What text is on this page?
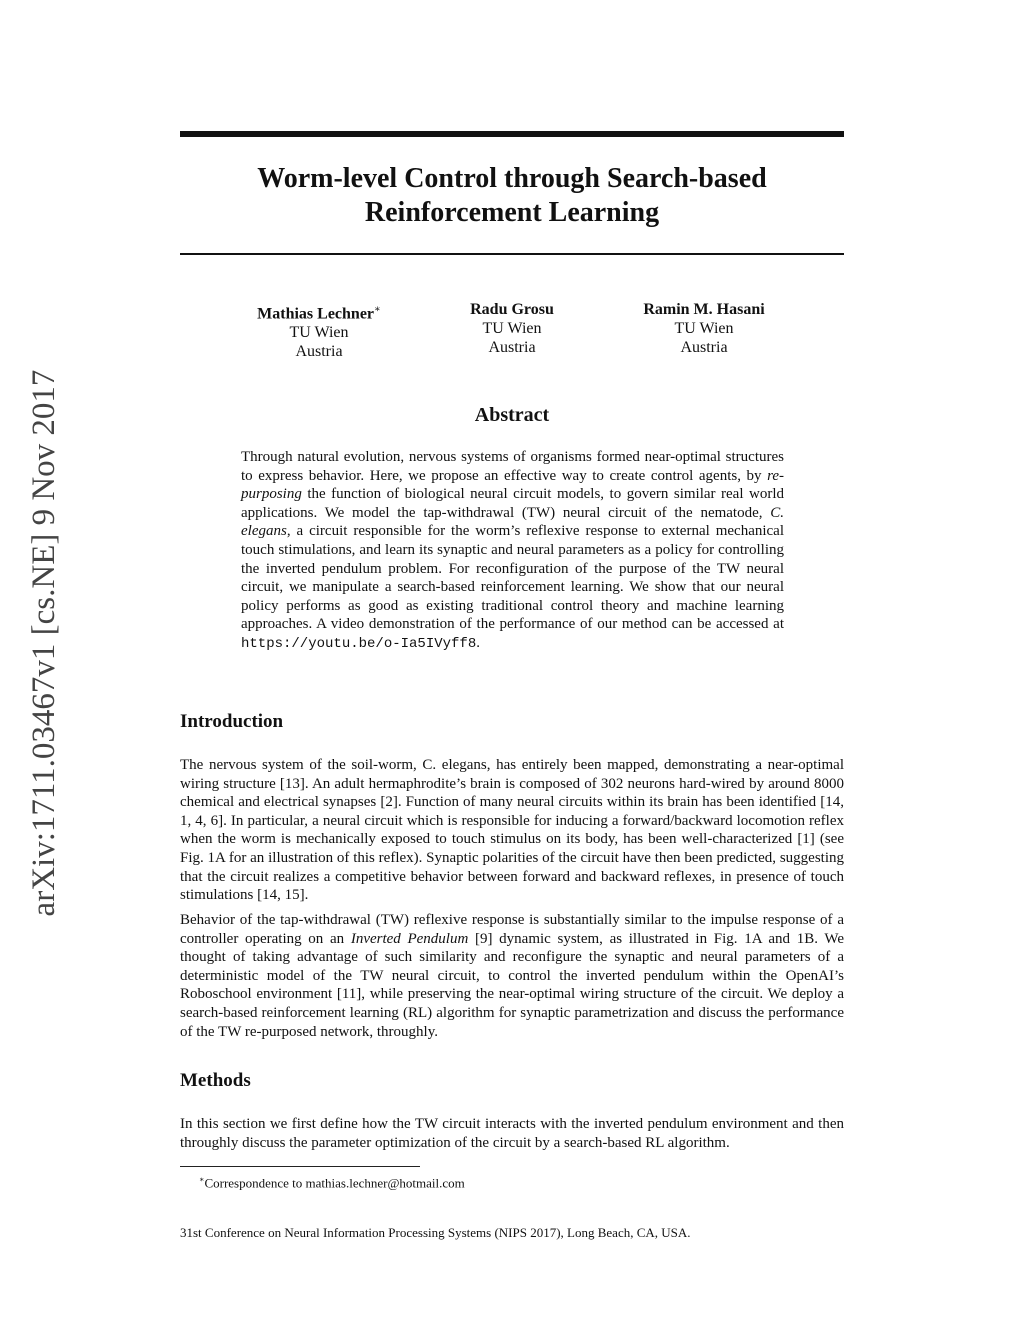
arXiv:1711.03467v1 [cs.NE] 9 Nov 2017
Worm-level Control through Search-based Reinforcement Learning
Mathias Lechner∗
TU Wien
Austria
Radu Grosu
TU Wien
Austria
Ramin M. Hasani
TU Wien
Austria
Abstract

Through natural evolution, nervous systems of organisms formed near-optimal structures to express behavior. Here, we propose an effective way to create control agents, by re-purposing the function of biological neural circuit models, to govern similar real world applications. We model the tap-withdrawal (TW) neural circuit of the nematode, C. elegans, a circuit responsible for the worm’s reflexive response to external mechanical touch stimulations, and learn its synaptic and neural parameters as a policy for controlling the inverted pendulum problem. For reconfiguration of the purpose of the TW neural circuit, we manipulate a search-based reinforcement learning. We show that our neural policy performs as good as existing traditional control theory and machine learning approaches. A video demonstration of the performance of our method can be accessed at https://youtu.be/o-Ia5IVyff8.

Introduction

The nervous system of the soil-worm, C. elegans, has entirely been mapped, demonstrating a near-optimal wiring structure [13]. An adult hermaphrodite’s brain is composed of 302 neurons hard-wired by around 8000 chemical and electrical synapses [2]. Function of many neural circuits within its brain has been identified [14, 1, 4, 6]. In particular, a neural circuit which is responsible for inducing a forward/backward locomotion reflex when the worm is mechanically exposed to touch stimulus on its body, has been well-characterized [1] (see Fig. 1A for an illustration of this reflex). Synaptic polarities of the circuit have then been predicted, suggesting that the circuit realizes a competitive behavior between forward and backward reflexes, in presence of touch stimulations [14, 15].

Behavior of the tap-withdrawal (TW) reflexive response is substantially similar to the impulse response of a controller operating on an Inverted Pendulum [9] dynamic system, as illustrated in Fig. 1A and 1B. We thought of taking advantage of such similarity and reconfigure the synaptic and neural parameters of a deterministic model of the TW neural circuit, to control the inverted pendulum within the OpenAI’s Roboschool environment [11], while preserving the near-optimal wiring structure of the circuit. We deploy a search-based reinforcement learning (RL) algorithm for synaptic parametrization and discuss the performance of the TW re-purposed network, throughly.

Methods

In this section we first define how the TW circuit interacts with the inverted pendulum environment and then throughly discuss the parameter optimization of the circuit by a search-based RL algorithm.

∗Correspondence to mathias.lechner@hotmail.com
31st Conference on Neural Information Processing Systems (NIPS 2017), Long Beach, CA, USA.
